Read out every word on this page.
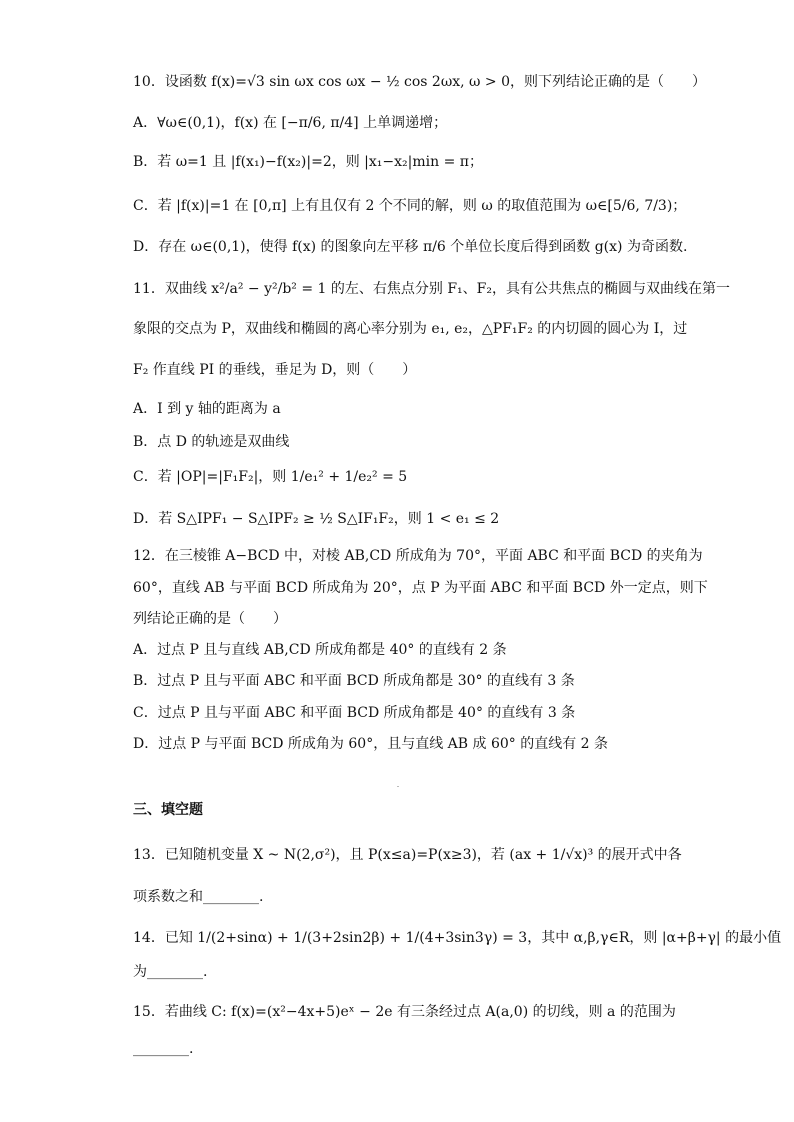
10．设函数 f(x)=√3 sin ωx cos ωx − ½ cos 2ωx, ω > 0，则下列结论正确的是（　　）
A．∀ω∈(0,1)，f(x) 在 [−π/6, π/4] 上单调递增；
B．若 ω=1 且 |f(x₁)−f(x₂)|=2，则 |x₁−x₂|min = π；
C．若 |f(x)|=1 在 [0,π] 上有且仅有 2 个不同的解，则 ω 的取值范围为 ω∈[5/6, 7/3)；
D．存在 ω∈(0,1)，使得 f(x) 的图象向左平移 π/6 个单位长度后得到函数 g(x) 为奇函数.
11．双曲线 x²/a² − y²/b² = 1 的左、右焦点分别 F₁、F₂，具有公共焦点的椭圆与双曲线在第一
象限的交点为 P，双曲线和椭圆的离心率分别为 e₁, e₂，△PF₁F₂ 的内切圆的圆心为 I，过
F₂ 作直线 PI 的垂线，垂足为 D，则（　　）
A．I 到 y 轴的距离为 a
B．点 D 的轨迹是双曲线
C．若 |OP|=|F₁F₂|，则 1/e₁² + 1/e₂² = 5
D．若 S△IPF₁ − S△IPF₂ ≥ ½ S△IF₁F₂，则 1 < e₁ ≤ 2
12．在三棱锥 A−BCD 中，对棱 AB,CD 所成角为 70°，平面 ABC 和平面 BCD 的夹角为
60°，直线 AB 与平面 BCD 所成角为 20°，点 P 为平面 ABC 和平面 BCD 外一定点，则下
列结论正确的是（　　）
A．过点 P 且与直线 AB,CD 所成角都是 40° 的直线有 2 条
B．过点 P 且与平面 ABC 和平面 BCD 所成角都是 30° 的直线有 3 条
C．过点 P 且与平面 ABC 和平面 BCD 所成角都是 40° 的直线有 3 条
D．过点 P 与平面 BCD 所成角为 60°，且与直线 AB 成 60° 的直线有 2 条
三、填空题
13．已知随机变量 X ~ N(2,σ²)，且 P(x≤a)=P(x≥3)，若 (ax + 1/√x)³ 的展开式中各
项系数之和________.
14．已知 1/(2+sinα) + 1/(3+2sin2β) + 1/(4+3sin3γ) = 3，其中 α,β,γ∈R，则 |α+β+γ| 的最小值
为________.
15．若曲线 C: f(x)=(x²−4x+5)eˣ − 2e 有三条经过点 A(a,0) 的切线，则 a 的范围为
________.
